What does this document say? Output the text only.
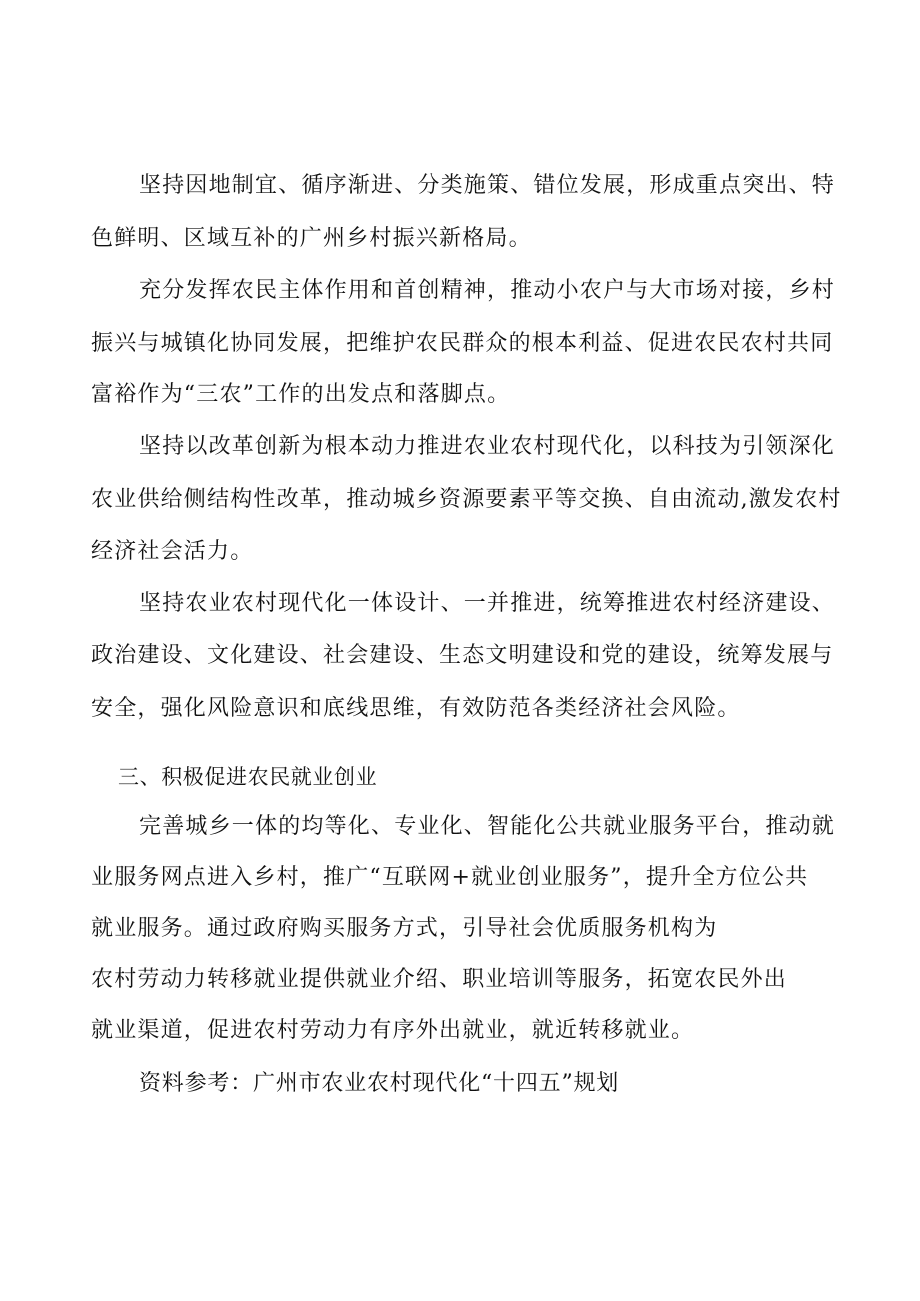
坚持因地制宜、循序渐进、分类施策、错位发展，形成重点突出、特
色鲜明、区域互补的广州乡村振兴新格局。
充分发挥农民主体作用和首创精神，推动小农户与大市场对接，乡村
振兴与城镇化协同发展，把维护农民群众的根本利益、促进农民农村共同
富裕作为“三农”工作的出发点和落脚点。
坚持以改革创新为根本动力推进农业农村现代化，以科技为引领深化
农业供给侧结构性改革，推动城乡资源要素平等交换、自由流动,激发农村
经济社会活力。
坚持农业农村现代化一体设计、一并推进，统筹推进农村经济建设、
政治建设、文化建设、社会建设、生态文明建设和党的建设，统筹发展与
安全，强化风险意识和底线思维，有效防范各类经济社会风险。
三、积极促进农民就业创业
完善城乡一体的均等化、专业化、智能化公共就业服务平台，推动就
业服务网点进入乡村，推广“互联网+就业创业服务”，提升全方位公共
就业服务。通过政府购买服务方式，引导社会优质服务机构为
农村劳动力转移就业提供就业介绍、职业培训等服务，拓宽农民外出
就业渠道，促进农村劳动力有序外出就业，就近转移就业。
资料参考：广州市农业农村现代化“十四五”规划
